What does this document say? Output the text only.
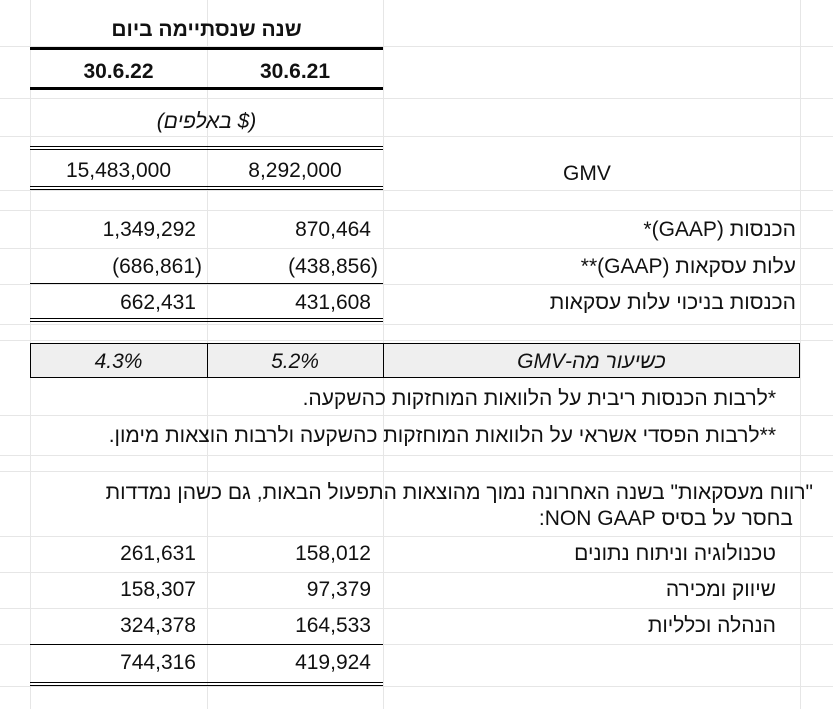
שנה שנסתיימה ביום
30.6.22	30.6.21
($ באלפים)
15,483,000	8,292,000	GMV
1,349,292	870,464	הכנסות (GAAP)*
(686,861)	(438,856)	עלות עסקאות (GAAP)**
662,431	431,608	הכנסות בניכוי עלות עסקאות
4.3%	5.2%	כשיעור מה-GMV
*לרבות הכנסות ריבית על הלוואות המוחזקות כהשקעה.
**לרבות הפסדי אשראי על הלוואות המוחזקות כהשקעה ולרבות הוצאות מימון.
"רווח מעסקאות" בשנה האחרונה נמוך מהוצאות התפעול הבאות, גם כשהן נמדדות
בחסר על בסיס NON GAAP:
261,631	158,012	טכנולוגיה וניתוח נתונים
158,307	97,379	שיווק ומכירה
324,378	164,533	הנהלה וכלליות
744,316	419,924
